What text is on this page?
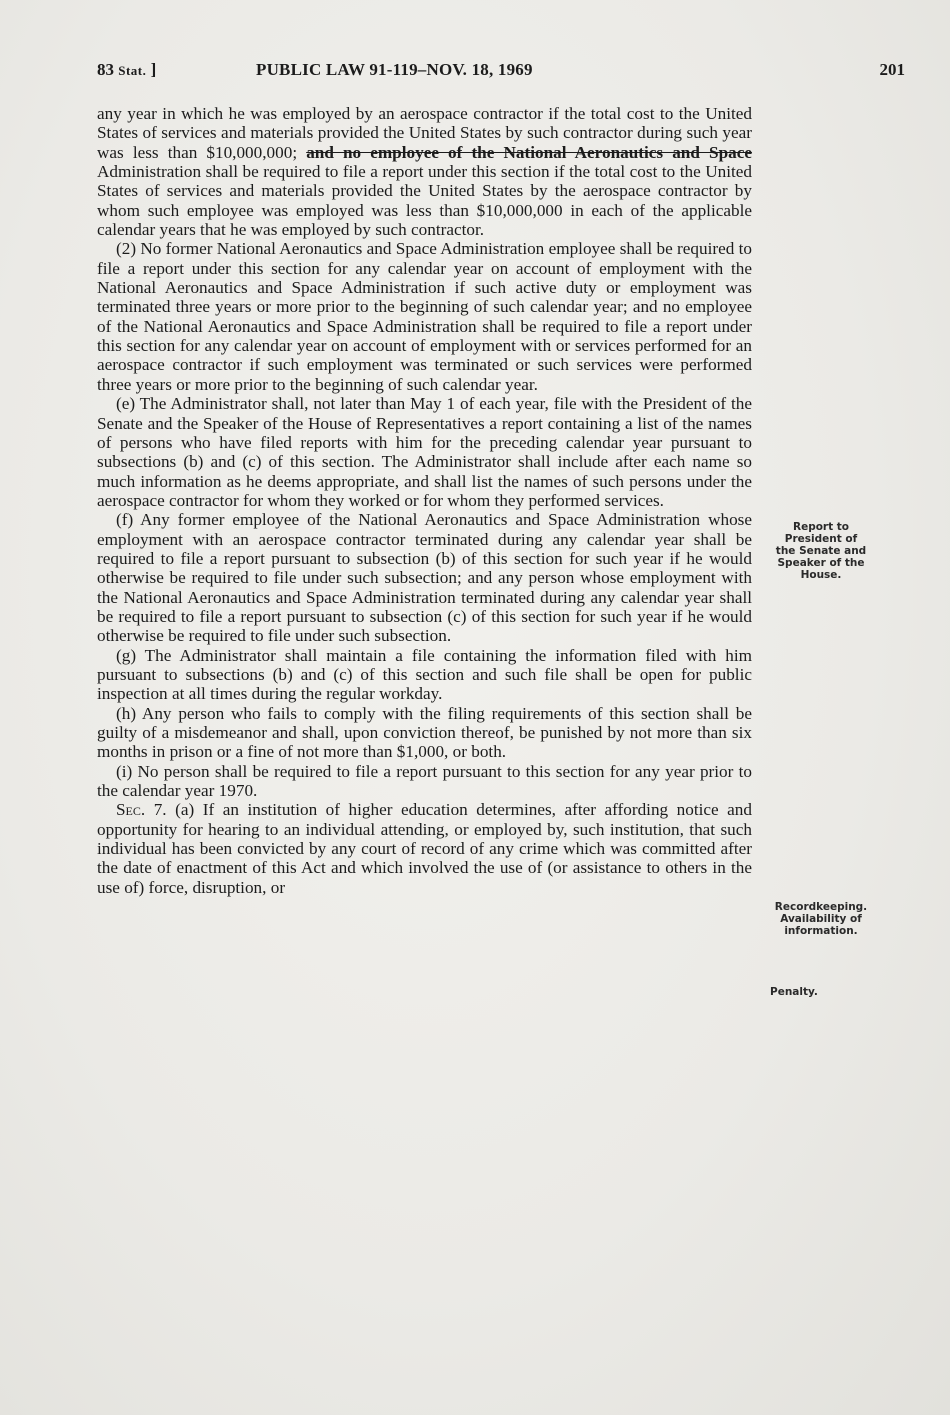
83 Stat. ]	PUBLIC LAW 91-119–NOV. 18, 1969	201

any year in which he was employed by an aerospace contractor if the total cost to the United States of services and materials provided the United States by such contractor during such year was less than $10,000,000; and no employee of the National Aeronautics and Space Administration shall be required to file a report under this section if the total cost to the United States of services and materials provided the United States by the aerospace contractor by whom such employee was employed was less than $10,000,000 in each of the applicable calendar years that he was employed by such contractor.

(2) No former National Aeronautics and Space Administration employee shall be required to file a report under this section for any calendar year on account of employment with the National Aeronautics and Space Administration if such active duty or employment was terminated three years or more prior to the beginning of such calendar year; and no employee of the National Aeronautics and Space Administration shall be required to file a report under this section for any calendar year on account of employment with or services performed for an aerospace contractor if such employment was terminated or such services were performed three years or more prior to the beginning of such calendar year.

(e) The Administrator shall, not later than May 1 of each year, file with the President of the Senate and the Speaker of the House of Representatives a report containing a list of the names of persons who have filed reports with him for the preceding calendar year pursuant to subsections (b) and (c) of this section. The Administrator shall include after each name so much information as he deems appropriate, and shall list the names of such persons under the aerospace contractor for whom they worked or for whom they performed services.

(f) Any former employee of the National Aeronautics and Space Administration whose employment with an aerospace contractor terminated during any calendar year shall be required to file a report pursuant to subsection (b) of this section for such year if he would otherwise be required to file under such subsection; and any person whose employment with the National Aeronautics and Space Administration terminated during any calendar year shall be required to file a report pursuant to subsection (c) of this section for such year if he would otherwise be required to file under such subsection.

(g) The Administrator shall maintain a file containing the information filed with him pursuant to subsections (b) and (c) of this section and such file shall be open for public inspection at all times during the regular workday.

(h) Any person who fails to comply with the filing requirements of this section shall be guilty of a misdemeanor and shall, upon conviction thereof, be punished by not more than six months in prison or a fine of not more than $1,000, or both.

(i) No person shall be required to file a report pursuant to this section for any year prior to the calendar year 1970.

Sec. 7. (a) If an institution of higher education determines, after affording notice and opportunity for hearing to an individual attending, or employed by, such institution, that such individual has been convicted by any court of record of any crime which was committed after the date of enactment of this Act and which involved the use of (or assistance to others in the use of) force, disruption, or

Report to
President of
the Senate and
Speaker of the
House.
Recordkeeping.
Availability of
information.
Penalty.
